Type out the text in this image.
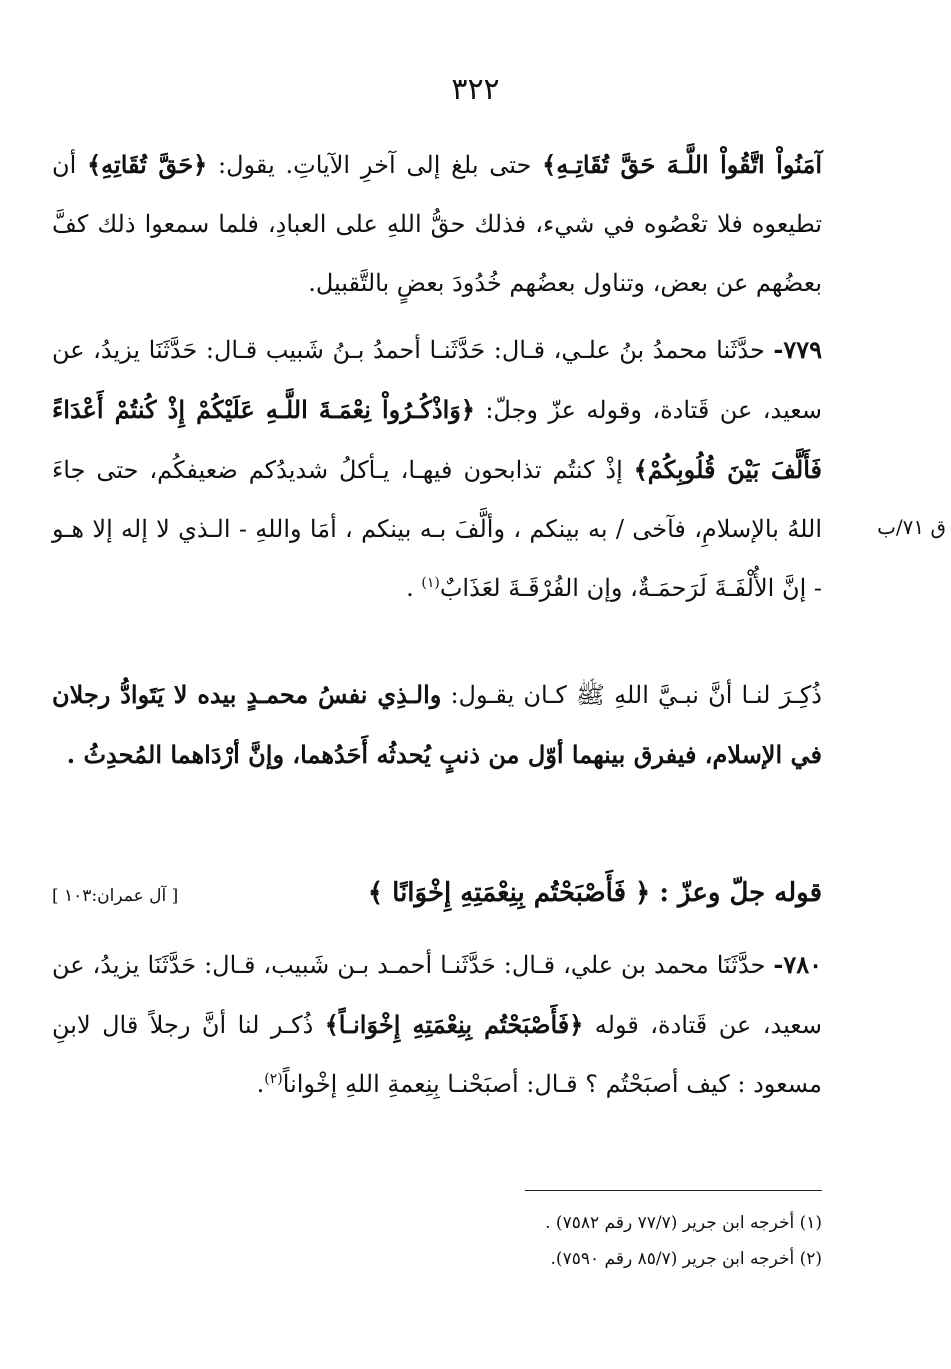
٣٢٢

آمَنُواْ اتَّقُواْ اللَّـهَ حَقَّ تُقَاتِـهِ﴾ حتى بلغ إلى آخرِ الآياتِ. يقول: ﴿حَقَّ تُقَاتِهِ﴾ أن تطيعوه فلا تعْصُوه في شيء، فذلك حقُّ اللهِ على العبادِ، فلما سمعوا ذلك كفَّ بعضُهم عن بعض، وتناول بعضُهم خُدُودَ بعضٍ بالتَّقبيل.

ق ٧١/ب

٧٧٩- حدَّثَنا محمدُ بنُ علـي، قـال: حَدَّثَنـا أحمدُ بـنُ شَبيب قـال: حَدَّثَنَا يزيدُ، عن سعيد، عن قَتادة، وقوله عزّ وجلّ: ﴿وَاذْكُـرُواْ نِعْمَـةَ اللَّـهِ عَلَيْكُمْ إِذْ كُنتُمْ أَعْدَاءً فَأَلَّفَ بَيْنَ قُلُوبِكُمْ﴾ إذْ كنتُم تذابحون فيهـا، يـأكلُ شديدُكم ضعيفكُم، حتى جاءَ اللهُ بالإسلامِ، فآخى / به بينكم ، وألَّفَ بـه بينكم ، أمَا واللهِ - الـذي لا إله إلا هـو - إنَّ الأُلْفَـةَ لَرَحمَـةٌ، وإن الفُرْقَـةَ لعَذَابٌ$^{(١)}$ .

ذُكِـرَ لنـا أنَّ نبـيَّ اللهِ ﷺ كـان يقـول: والـذِي نفسُ محمـدٍ بيده لا يَتَوادُّ رجلان في الإسلام، فيفرق بينهما أوّل من ذنبٍ يُحدثُه أَحَدُهما، وإنَّ أرْدَاهما المُحدِثُ .

قوله جلّ وعزّ : ﴿ فَأَصْبَحْتُم بِنِعْمَتِهِ إِخْوَانًا ﴾
[ آل عمران:١٠٣ ]

٧٨٠- حدَّثَنَا محمد بن علي، قـال: حَدَّثَنـا أحمـد بـن شَبيب، قـال: حَدَّثَنَا يزيدُ، عن سعيد، عن قَتادة، قوله ﴿فَأَصْبَحْتُم بِنِعْمَتِهِ إِخْوَانـاً﴾ ذُكـر لنا أنَّ رجلاً قال لابنِ مسعود : كيف أصبَحْتُم ؟ قـال: أصبَحْنـا بِنِعمةِ اللهِ إخْواناً$^{(٢)}$.

(١) أخرجه ابن جرير (٧٧/٧ رقم ٧٥٨٢) .
(٢) أخرجه ابن جرير (٨٥/٧ رقم ٧٥٩٠).
